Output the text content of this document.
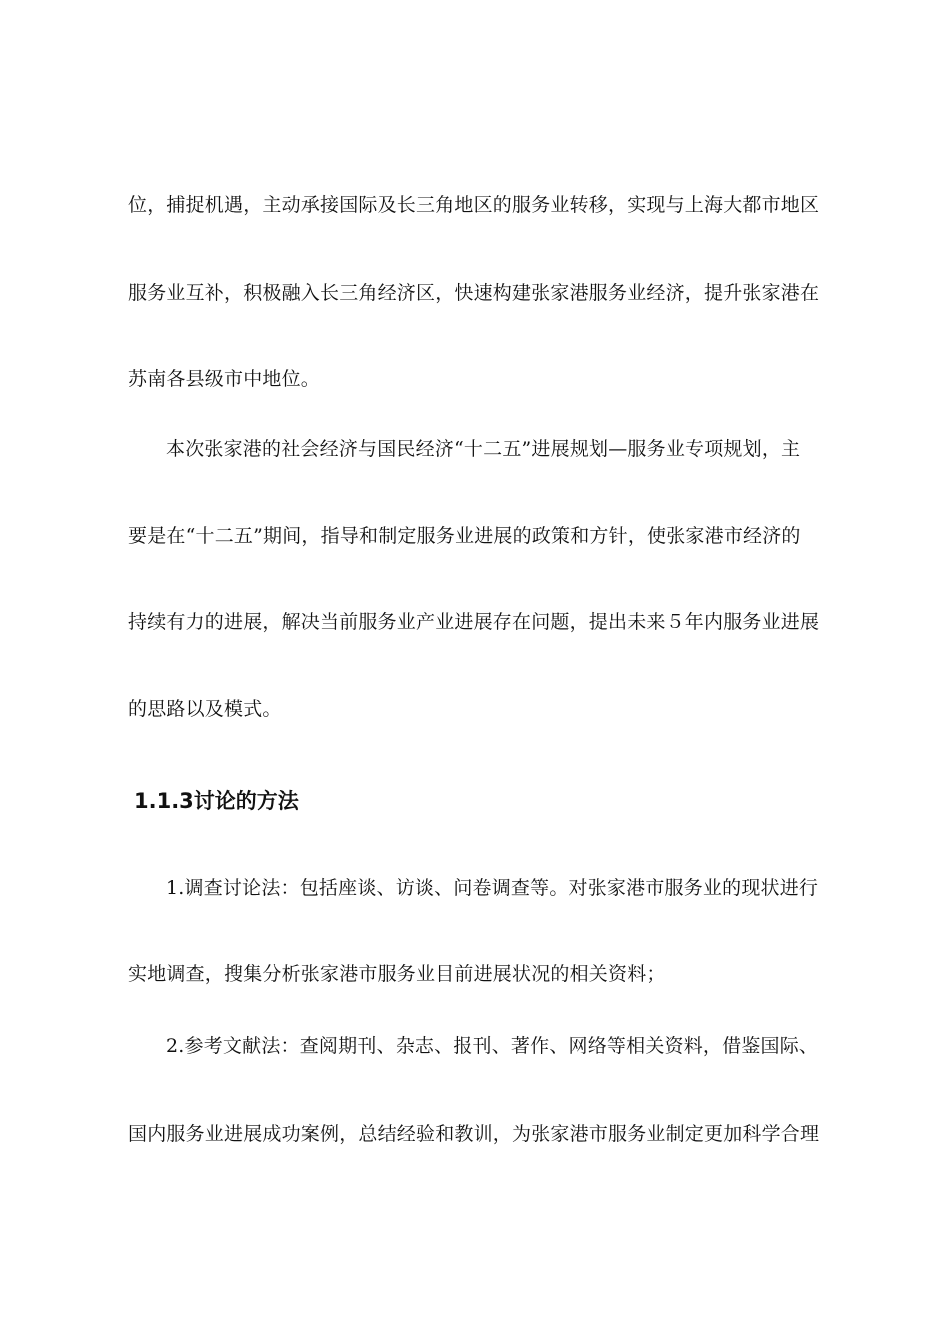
位，捕捉机遇，主动承接国际及长三角地区的服务业转移，实现与上海大都市地区
服务业互补，积极融入长三角经济区，快速构建张家港服务业经济，提升张家港在
苏南各县级市中地位。
本次张家港的社会经济与国民经济“十二五”进展规划—服务业专项规划，主
要是在“十二五”期间，指导和制定服务业进展的政策和方针，使张家港市经济的
持续有力的进展，解决当前服务业产业进展存在问题，提出未来５年内服务业进展
的思路以及模式。
1.1.3讨论的方法
1.调查讨论法：包括座谈、访谈、问卷调查等。对张家港市服务业的现状进行
实地调查，搜集分析张家港市服务业目前进展状况的相关资料；
2.参考文献法：查阅期刊、杂志、报刊、著作、网络等相关资料，借鉴国际、
国内服务业进展成功案例，总结经验和教训，为张家港市服务业制定更加科学合理
